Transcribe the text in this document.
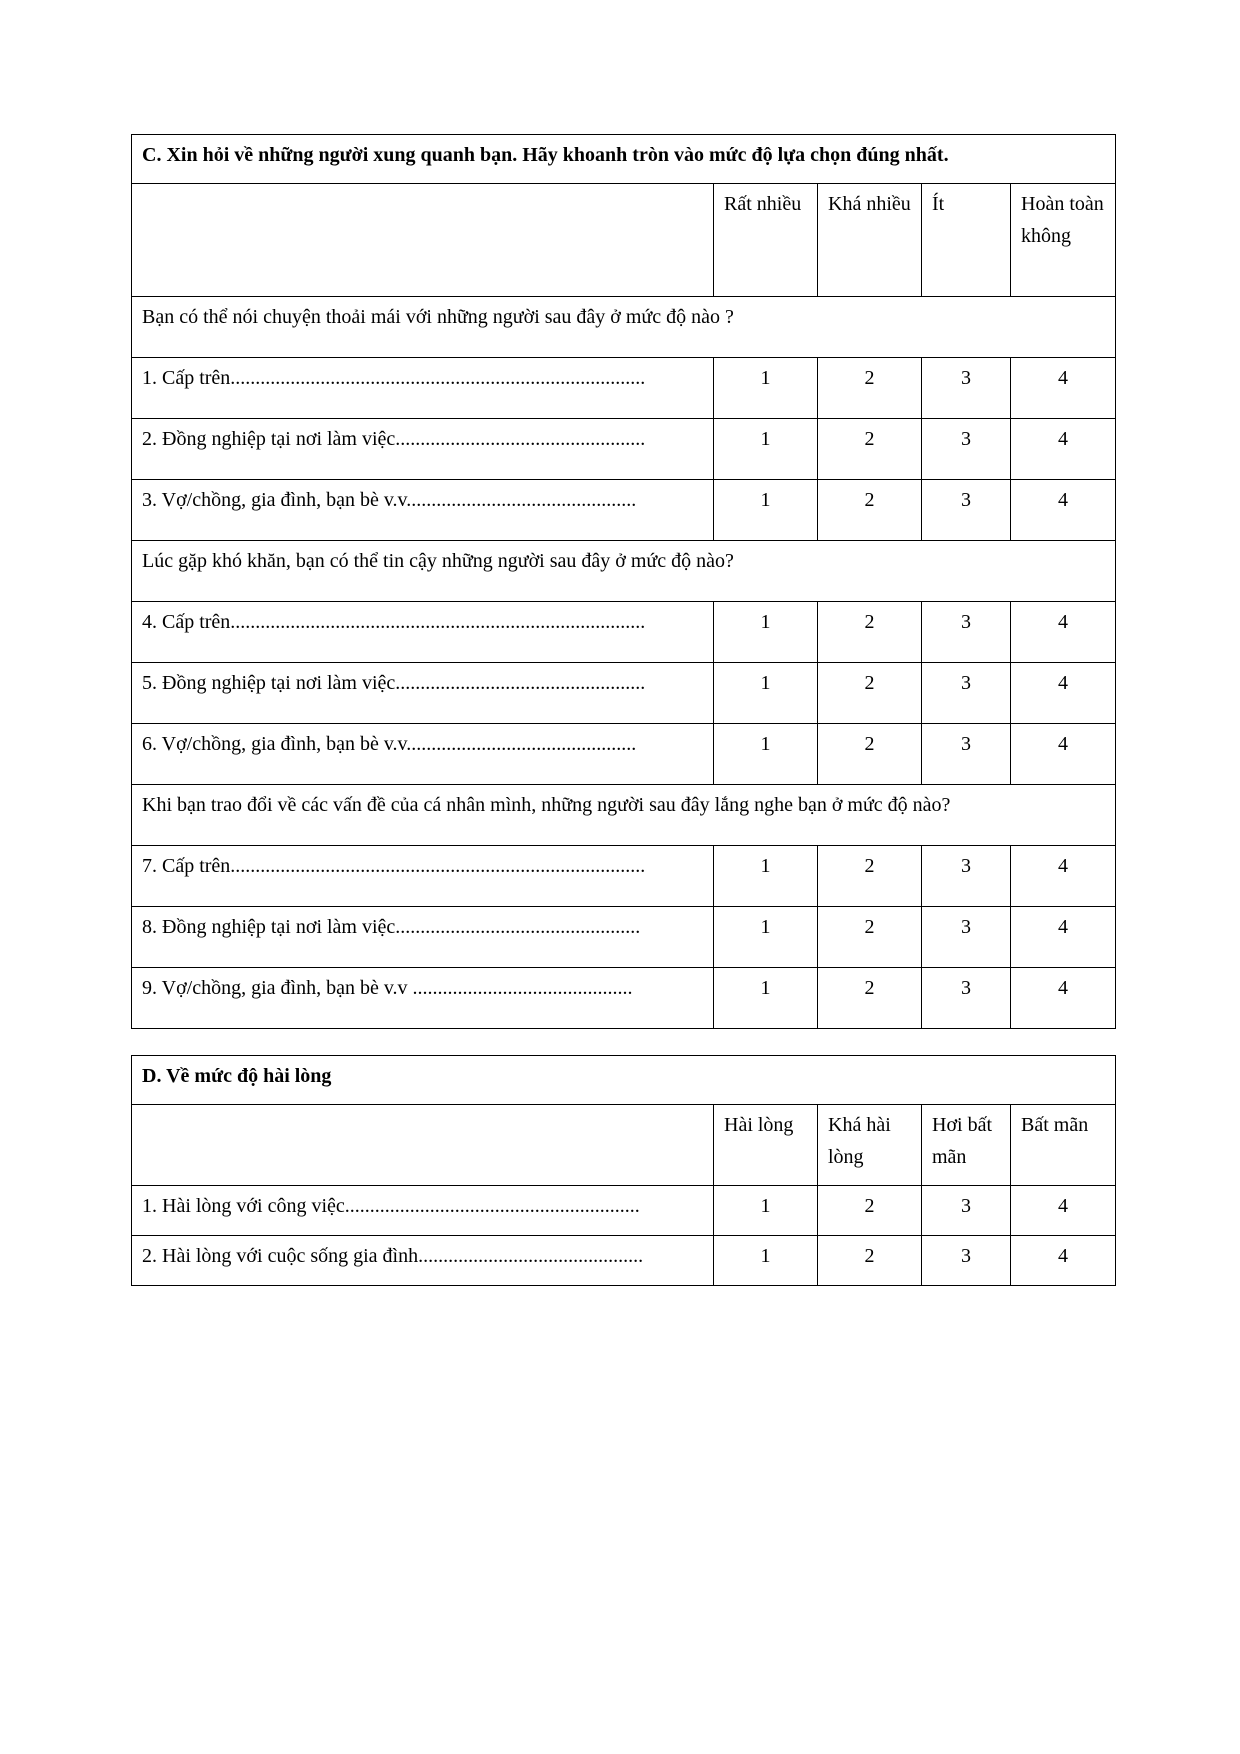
C. Xin hỏi về những người xung quanh bạn. Hãy khoanh tròn vào mức độ lựa chọn đúng nhất.				
	Rất nhiều	Khá nhiều	Ít	Hoàn toàn không
Bạn có thể nói chuyện thoải mái với những người sau đây ở mức độ nào ?				
1. Cấp trên...................................................................................	1	2	3	4
2. Đồng nghiệp tại nơi làm việc..................................................	1	2	3	4
3. Vợ/chồng, gia đình, bạn bè v.v..............................................	1	2	3	4
Lúc gặp khó khăn, bạn có thể tin cậy những người sau đây ở mức độ nào?				
4. Cấp trên...................................................................................	1	2	3	4
5. Đồng nghiệp tại nơi làm việc..................................................	1	2	3	4
6. Vợ/chồng, gia đình, bạn bè v.v..............................................	1	2	3	4
Khi bạn trao đổi về các vấn đề của cá nhân mình, những người sau đây lắng nghe bạn ở mức độ nào?				
7. Cấp trên...................................................................................	1	2	3	4
8. Đồng nghiệp tại nơi làm việc.................................................	1	2	3	4
9. Vợ/chồng, gia đình, bạn bè v.v ............................................	1	2	3	4
D. Về mức độ hài lòng				
	Hài lòng	Khá hài lòng	Hơi bất mãn	Bất mãn
1. Hài lòng với công việc...........................................................	1	2	3	4
2. Hài lòng với cuộc sống gia đình.............................................	1	2	3	4
